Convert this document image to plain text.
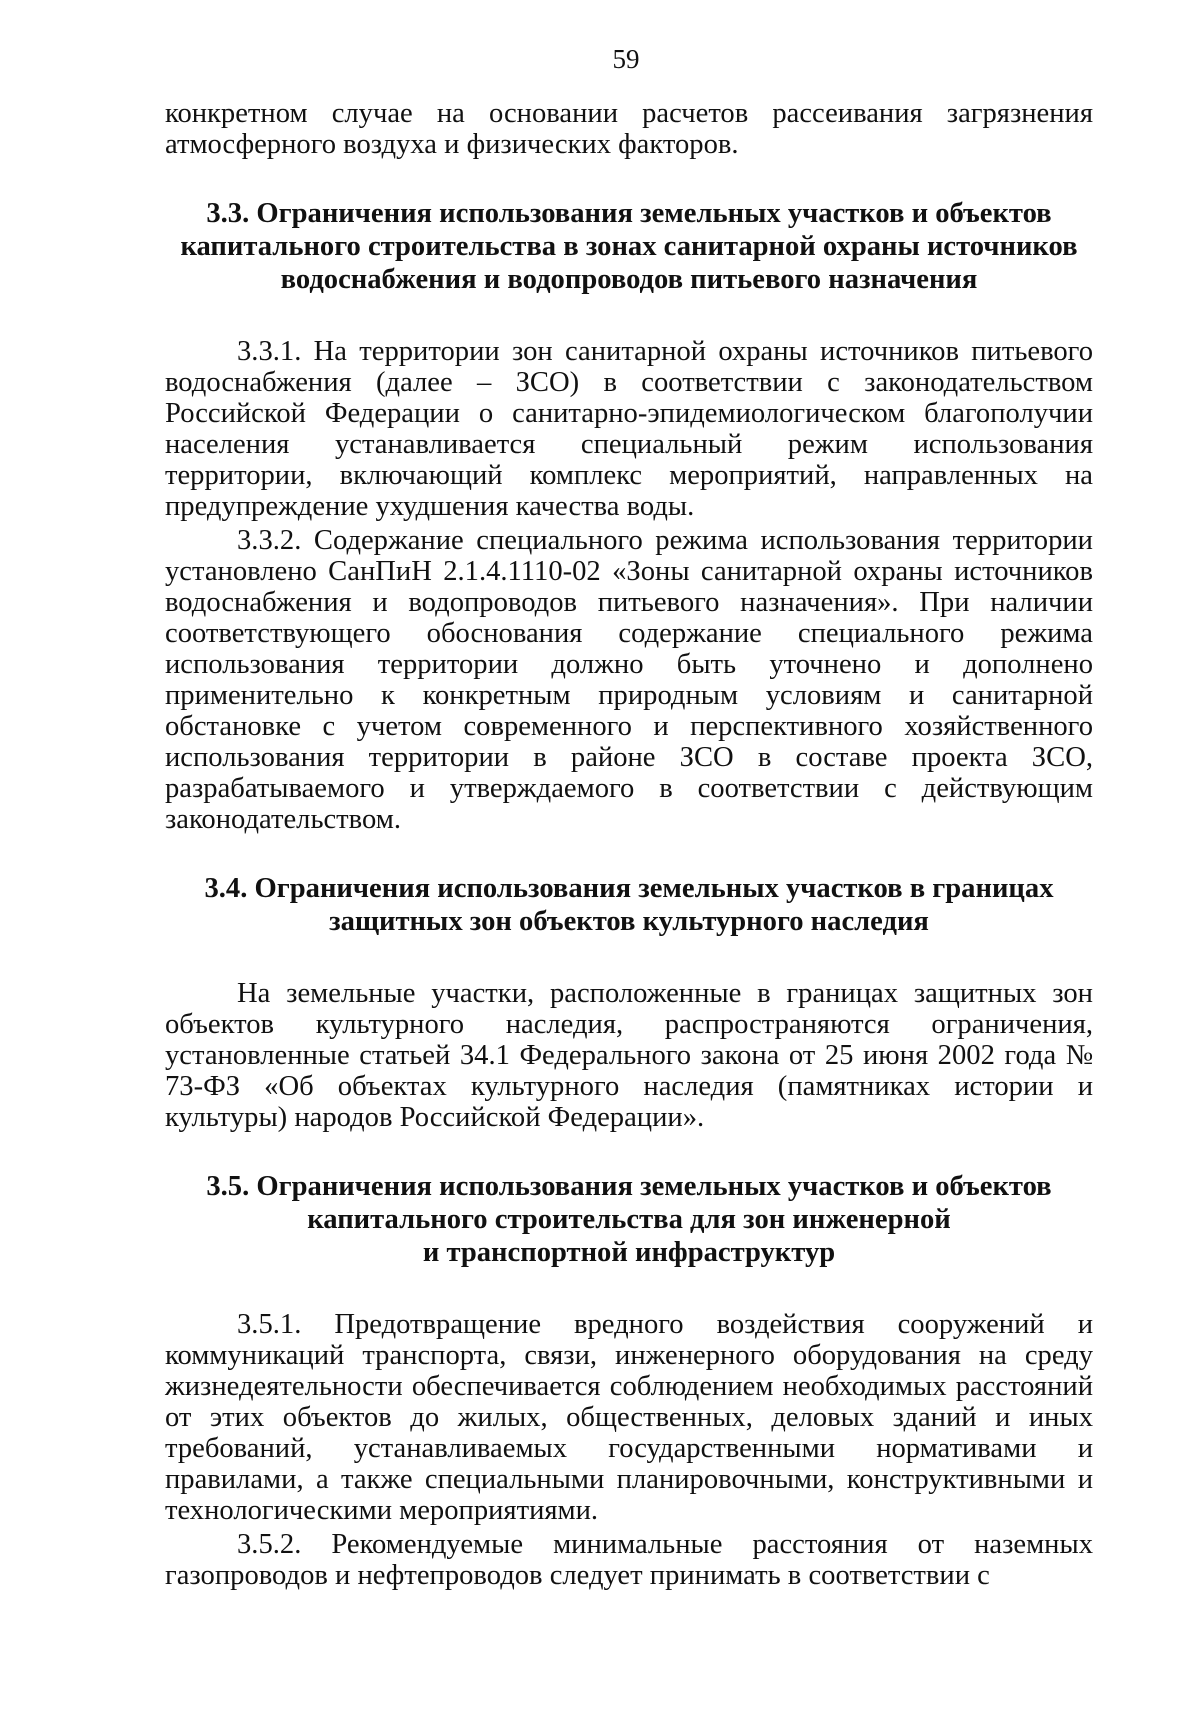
59

конкретном случае на основании расчетов рассеивания загрязнения атмосферного воздуха и физических факторов.

3.3. Ограничения использования земельных участков и объектов
капитального строительства в зонах санитарной охраны источников
водоснабжения и водопроводов питьевого назначения

3.3.1. На территории зон санитарной охраны источников питьевого водоснабжения (далее – ЗСО) в соответствии с законодательством Российской Федерации о санитарно-эпидемиологическом благополучии населения устанавливается специальный режим использования территории, включающий комплекс мероприятий, направленных на предупреждение ухудшения качества воды.

3.3.2. Содержание специального режима использования территории установлено СанПиН 2.1.4.1110-02 «Зоны санитарной охраны источников водоснабжения и водопроводов питьевого назначения». При наличии соответствующего обоснования содержание специального режима использования территории должно быть уточнено и дополнено применительно к конкретным природным условиям и санитарной обстановке с учетом современного и перспективного хозяйственного использования территории в районе ЗСО в составе проекта ЗСО, разрабатываемого и утверждаемого в соответствии с действующим законодательством.

3.4. Ограничения использования земельных участков в границах
защитных зон объектов культурного наследия

На земельные участки, расположенные в границах защитных зон объектов культурного наследия, распространяются ограничения, установленные статьей 34.1 Федерального закона от 25 июня 2002 года № 73-ФЗ «Об объектах культурного наследия (памятниках истории и культуры) народов Российской Федерации».

3.5. Ограничения использования земельных участков и объектов
капитального строительства для зон инженерной
и транспортной инфраструктур

3.5.1. Предотвращение вредного воздействия сооружений и коммуникаций транспорта, связи, инженерного оборудования на среду жизнедеятельности обеспечивается соблюдением необходимых расстояний от этих объектов до жилых, общественных, деловых зданий и иных требований, устанавливаемых государственными нормативами и правилами, а также специальными планировочными, конструктивными и технологическими мероприятиями.

3.5.2. Рекомендуемые минимальные расстояния от наземных газопроводов и нефтепроводов следует принимать в соответствии с
